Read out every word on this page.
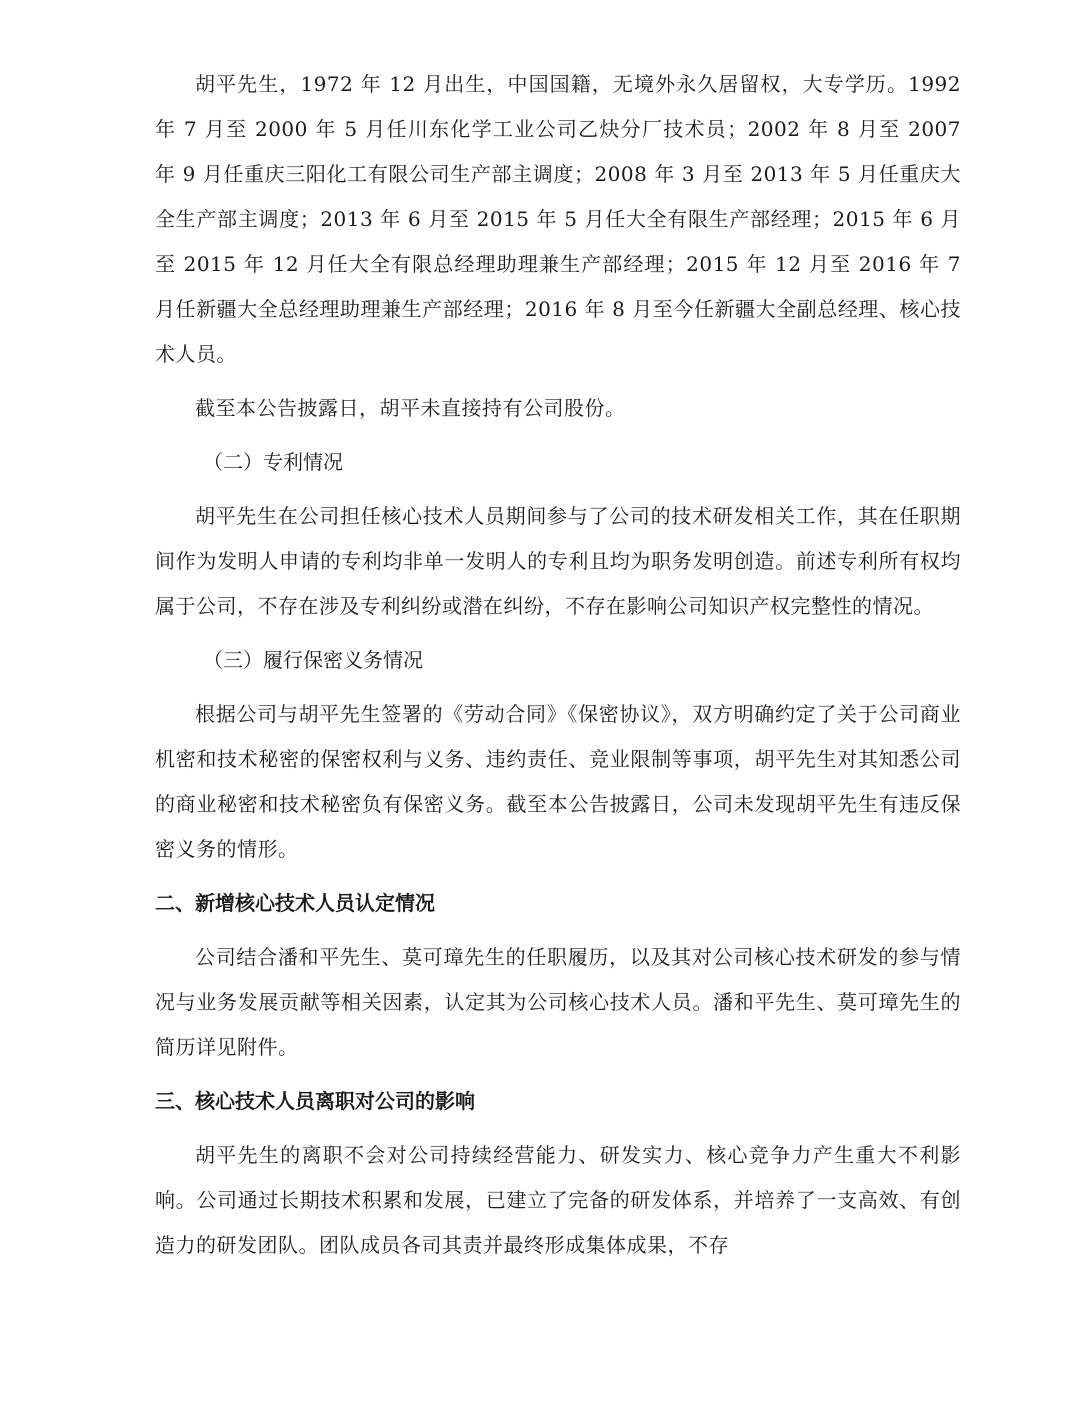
胡平先生，1972 年 12 月出生，中国国籍，无境外永久居留权，大专学历。1992 年 7 月至 2000 年 5 月任川东化学工业公司乙炔分厂技术员；2002 年 8 月至 2007 年 9 月任重庆三阳化工有限公司生产部主调度；2008 年 3 月至 2013 年 5 月任重庆大全生产部主调度；2013 年 6 月至 2015 年 5 月任大全有限生产部经理；2015 年 6 月至 2015 年 12 月任大全有限总经理助理兼生产部经理；2015 年 12 月至 2016 年 7 月任新疆大全总经理助理兼生产部经理；2016 年 8 月至今任新疆大全副总经理、核心技术人员。

截至本公告披露日，胡平未直接持有公司股份。

（二）专利情况

胡平先生在公司担任核心技术人员期间参与了公司的技术研发相关工作，其在任职期间作为发明人申请的专利均非单一发明人的专利且均为职务发明创造。前述专利所有权均属于公司，不存在涉及专利纠纷或潜在纠纷，不存在影响公司知识产权完整性的情况。

（三）履行保密义务情况

根据公司与胡平先生签署的《劳动合同》《保密协议》，双方明确约定了关于公司商业机密和技术秘密的保密权利与义务、违约责任、竞业限制等事项，胡平先生对其知悉公司的商业秘密和技术秘密负有保密义务。截至本公告披露日，公司未发现胡平先生有违反保密义务的情形。

二、新增核心技术人员认定情况

公司结合潘和平先生、莫可璋先生的任职履历，以及其对公司核心技术研发的参与情况与业务发展贡献等相关因素，认定其为公司核心技术人员。潘和平先生、莫可璋先生的简历详见附件。

三、核心技术人员离职对公司的影响

胡平先生的离职不会对公司持续经营能力、研发实力、核心竞争力产生重大不利影响。公司通过长期技术积累和发展，已建立了完备的研发体系，并培养了一支高效、有创造力的研发团队。团队成员各司其责并最终形成集体成果，不存
